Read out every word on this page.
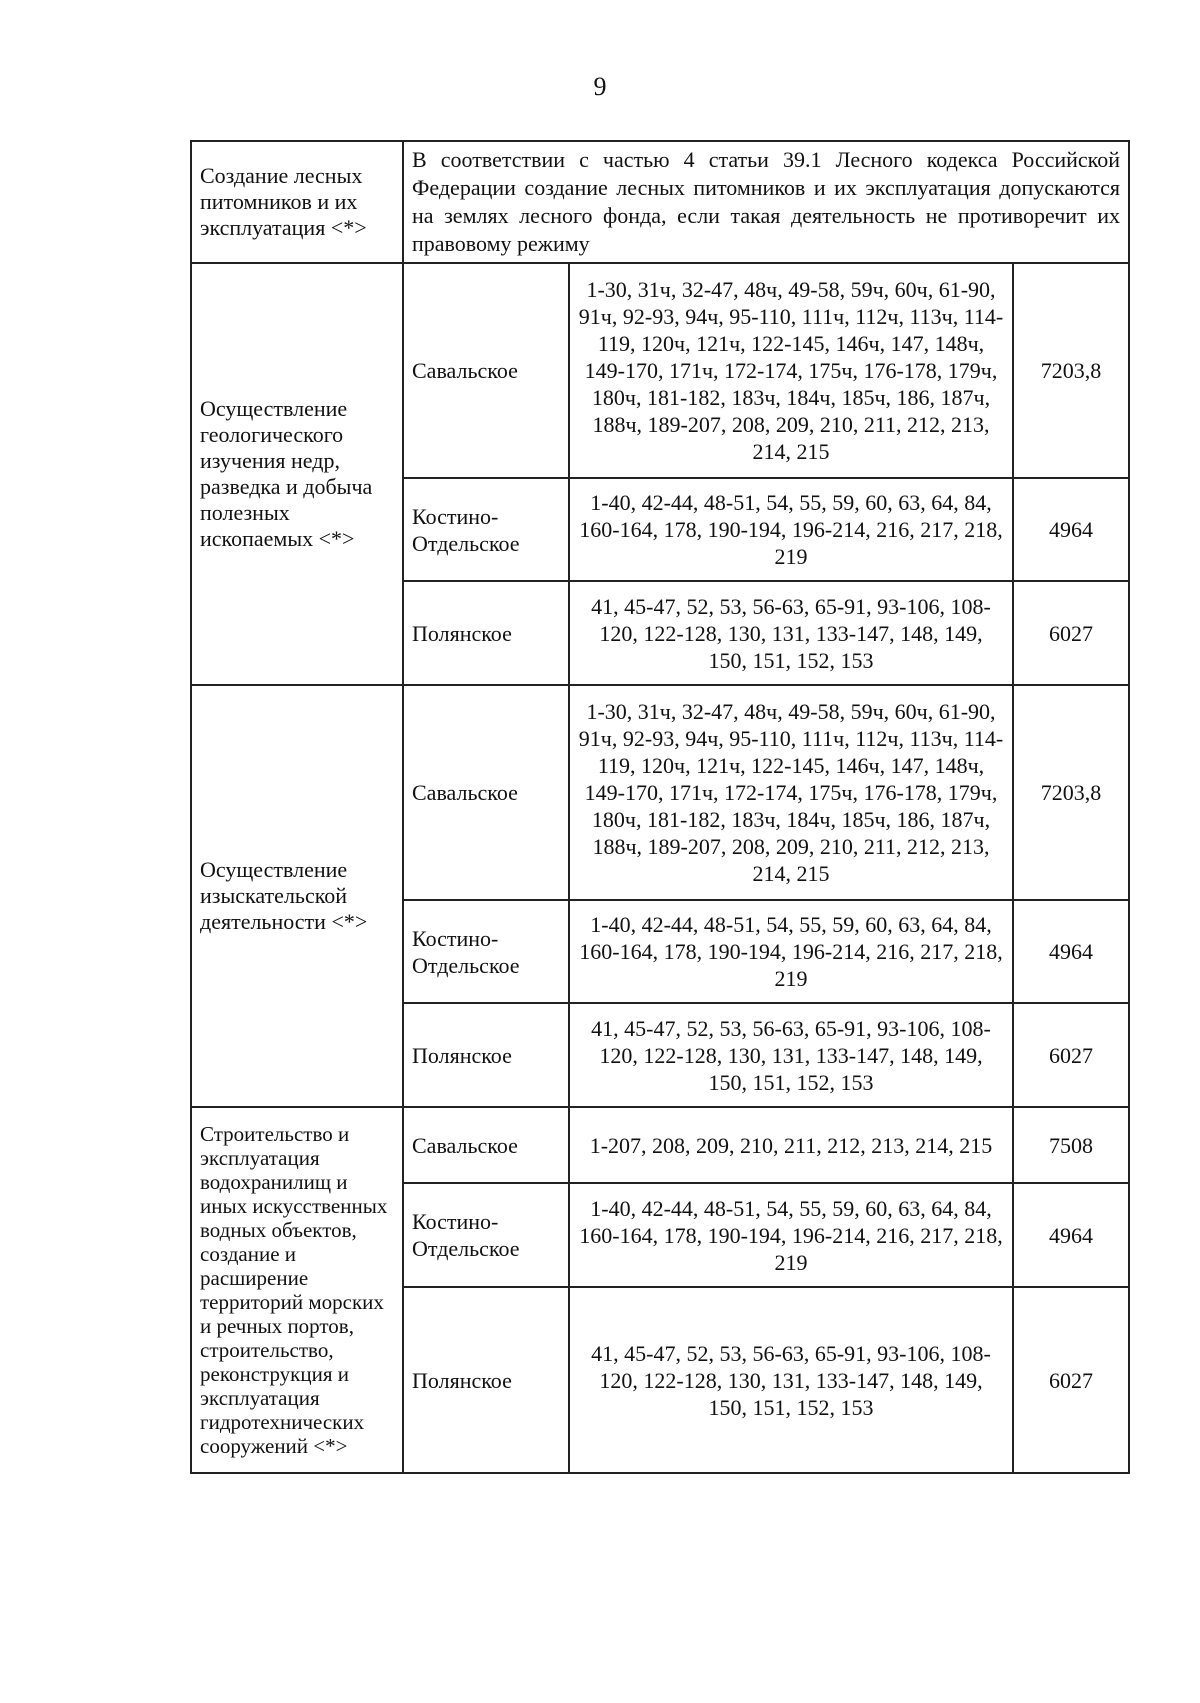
9
Создание лесных питомников и их эксплуатация <*>	В соответствии с частью 4 статьи 39.1 Лесного кодекса Российской Федерации создание лесных питомников и их эксплуатация допускаются на землях лесного фонда, если такая деятельность не противоречит их правовому режиму		
Осуществление геологического изучения недр, разведка и добыча полезных ископаемых <*>	Савальское	1-30, 31ч, 32-47, 48ч, 49-58, 59ч, 60ч, 61-90, 91ч, 92-93, 94ч, 95-110, 111ч, 112ч, 113ч, 114-119, 120ч, 121ч, 122-145, 146ч, 147, 148ч, 149-170, 171ч, 172-174, 175ч, 176-178, 179ч, 180ч, 181-182, 183ч, 184ч, 185ч, 186, 187ч, 188ч, 189-207, 208, 209, 210, 211, 212, 213, 214, 215	7203,8
	Костино-Отдельское	1-40, 42-44, 48-51, 54, 55, 59, 60, 63, 64, 84, 160-164, 178, 190-194, 196-214, 216, 217, 218, 219	4964
	Полянское	41, 45-47, 52, 53, 56-63, 65-91, 93-106, 108-120, 122-128, 130, 131, 133-147, 148, 149, 150, 151, 152, 153	6027
Осуществление изыскательской деятельности <*>	Савальское	1-30, 31ч, 32-47, 48ч, 49-58, 59ч, 60ч, 61-90, 91ч, 92-93, 94ч, 95-110, 111ч, 112ч, 113ч, 114-119, 120ч, 121ч, 122-145, 146ч, 147, 148ч, 149-170, 171ч, 172-174, 175ч, 176-178, 179ч, 180ч, 181-182, 183ч, 184ч, 185ч, 186, 187ч, 188ч, 189-207, 208, 209, 210, 211, 212, 213, 214, 215	7203,8
	Костино-Отдельское	1-40, 42-44, 48-51, 54, 55, 59, 60, 63, 64, 84, 160-164, 178, 190-194, 196-214, 216, 217, 218, 219	4964
	Полянское	41, 45-47, 52, 53, 56-63, 65-91, 93-106, 108-120, 122-128, 130, 131, 133-147, 148, 149, 150, 151, 152, 153	6027
Строительство и эксплуатация водохранилищ и иных искусственных водных объектов, создание и расширение территорий морских и речных портов, строительство, реконструкция и эксплуатация гидротехнических сооружений <*>	Савальское	1-207, 208, 209, 210, 211, 212, 213, 214, 215	7508
	Костино-Отдельское	1-40, 42-44, 48-51, 54, 55, 59, 60, 63, 64, 84, 160-164, 178, 190-194, 196-214, 216, 217, 218, 219	4964
	Полянское	41, 45-47, 52, 53, 56-63, 65-91, 93-106, 108-120, 122-128, 130, 131, 133-147, 148, 149, 150, 151, 152, 153	6027
